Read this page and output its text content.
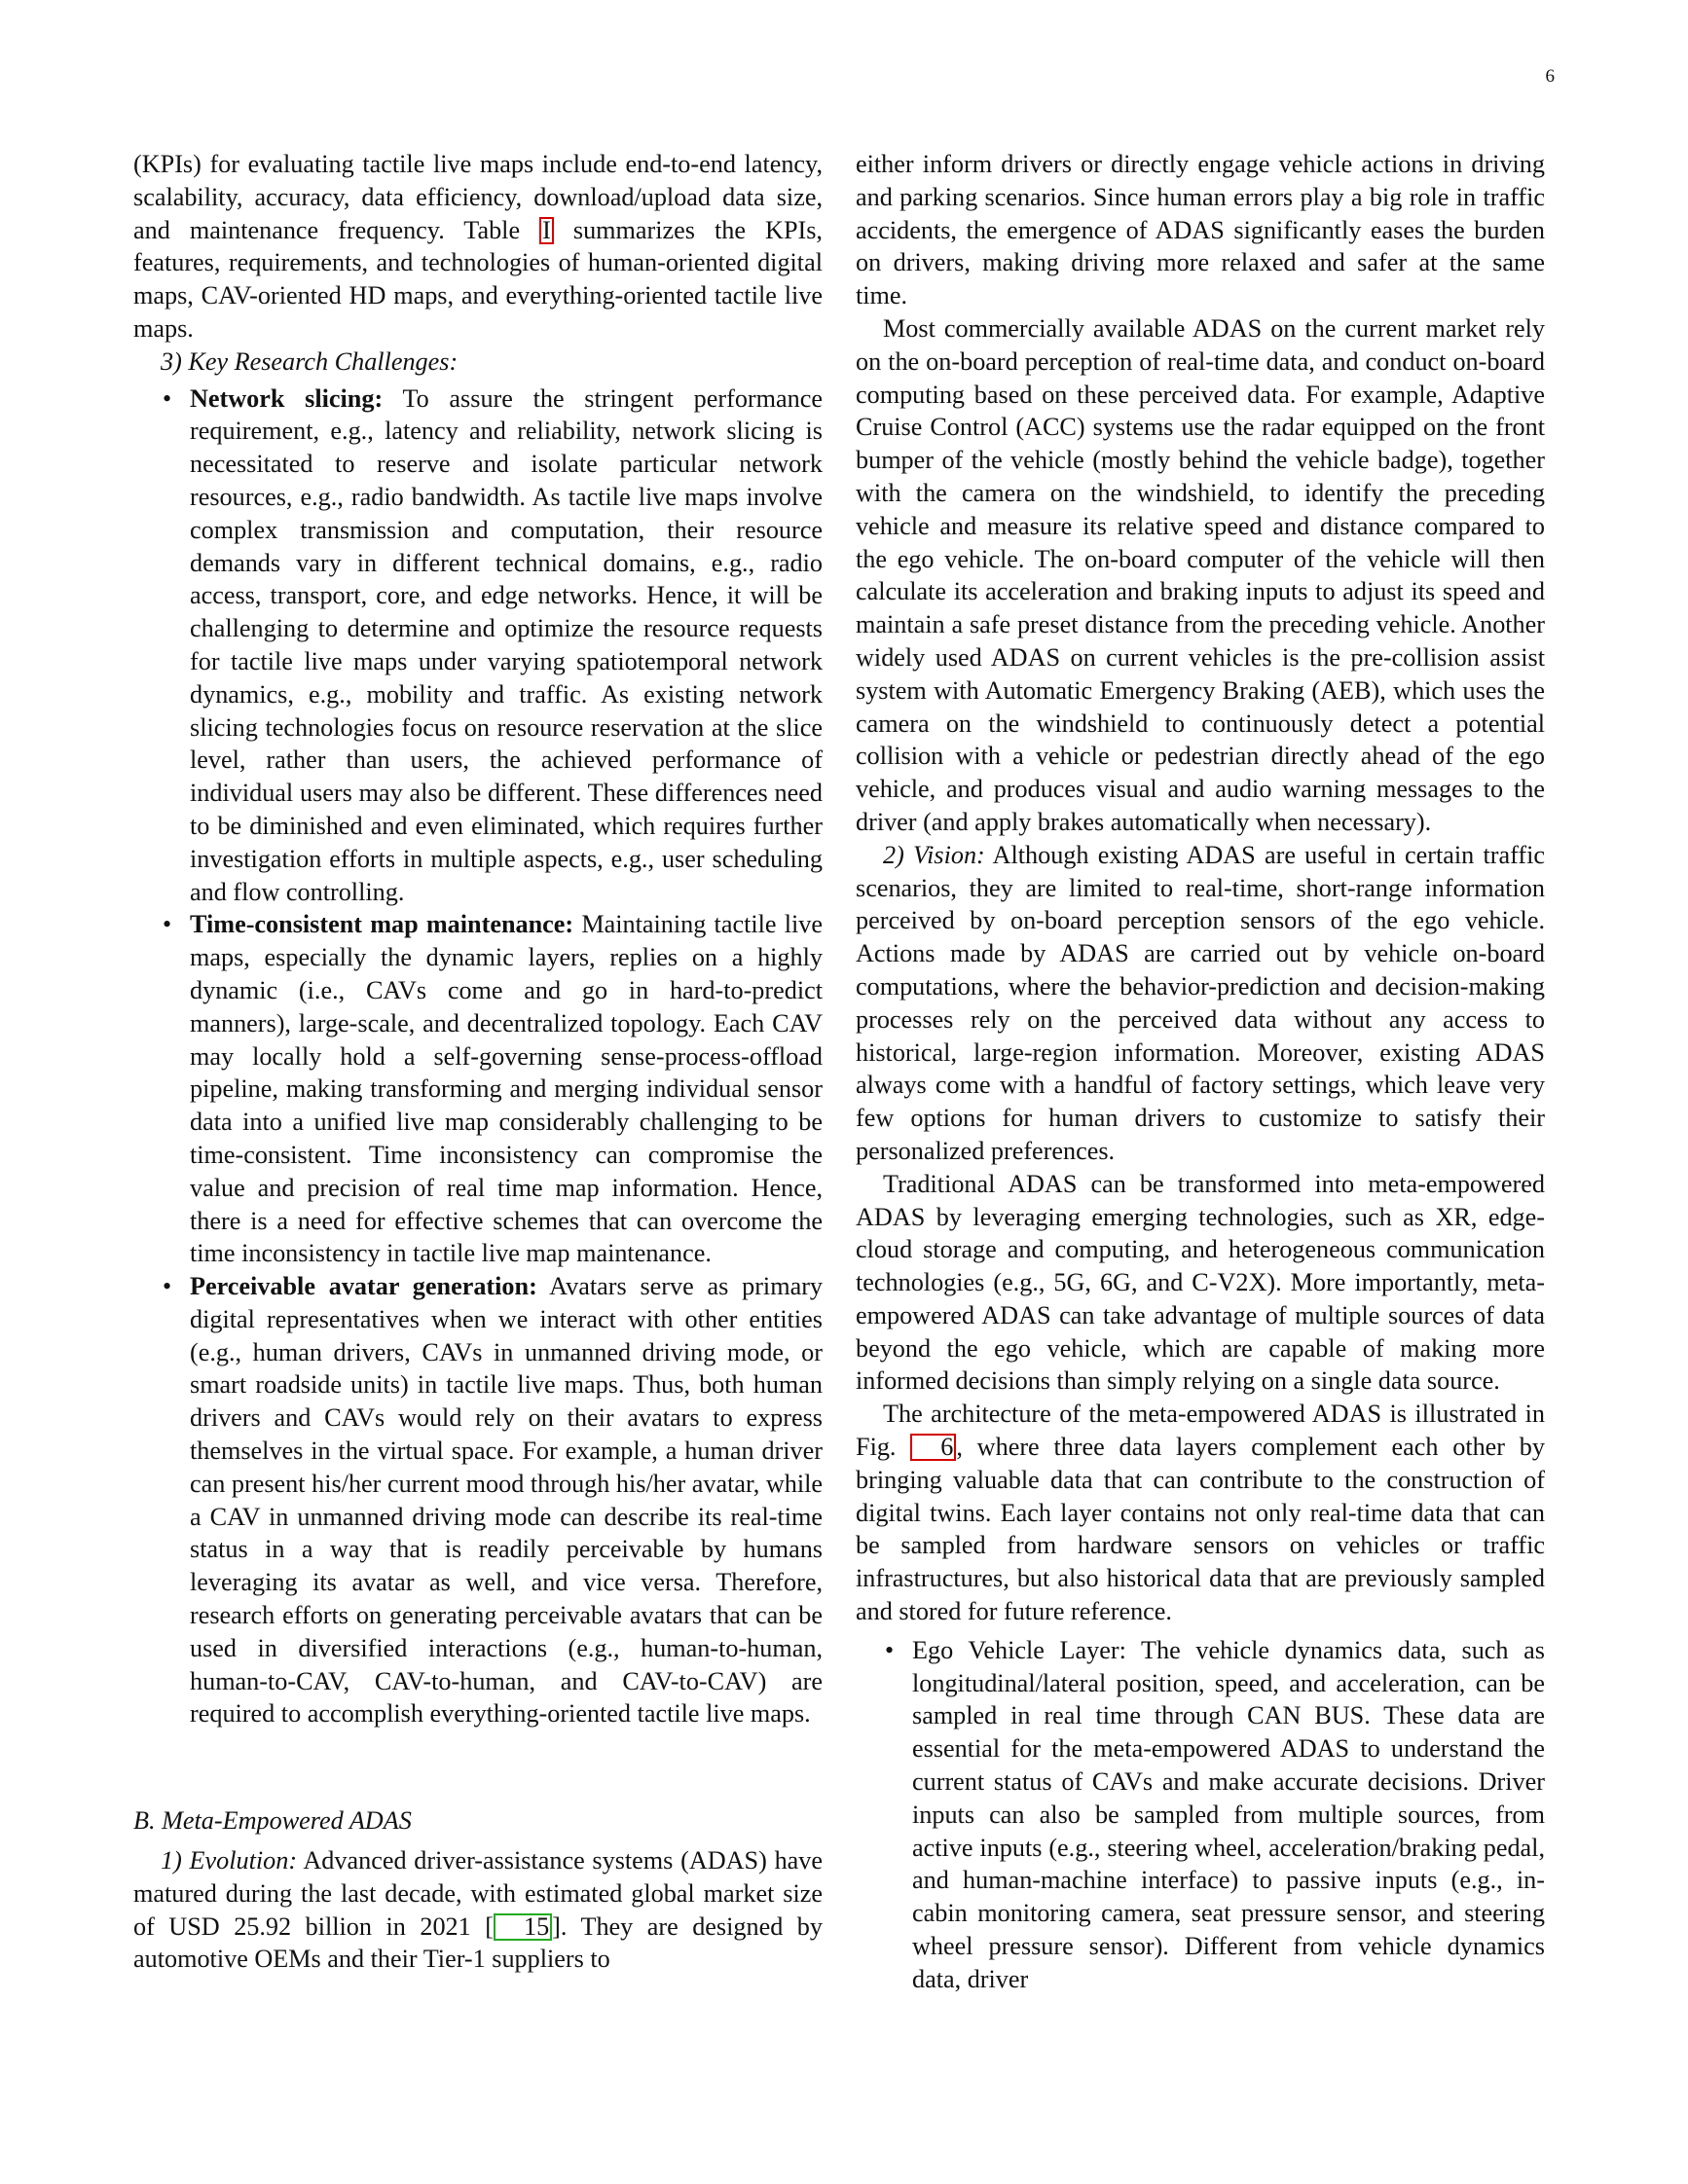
6

(KPIs) for evaluating tactile live maps include end-to-end latency, scalability, accuracy, data efficiency, download/upload data size, and maintenance frequency. Table I summarizes the KPIs, features, requirements, and technologies of human-oriented digital maps, CAV-oriented HD maps, and everything-oriented tactile live maps.

3) Key Research Challenges:

• Network slicing: To assure the stringent performance requirement, e.g., latency and reliability, network slicing is necessitated to reserve and isolate particular network resources, e.g., radio bandwidth. As tactile live maps involve complex transmission and computation, their resource demands vary in different technical domains, e.g., radio access, transport, core, and edge networks. Hence, it will be challenging to determine and optimize the resource requests for tactile live maps under varying spatiotemporal network dynamics, e.g., mobility and traffic. As existing network slicing technologies focus on resource reservation at the slice level, rather than users, the achieved performance of individual users may also be different. These differences need to be diminished and even eliminated, which requires further investigation efforts in multiple aspects, e.g., user scheduling and flow controlling.
• Time-consistent map maintenance: Maintaining tactile live maps, especially the dynamic layers, replies on a highly dynamic (i.e., CAVs come and go in hard-to-predict manners), large-scale, and decentralized topology. Each CAV may locally hold a self-governing sense-process-offload pipeline, making transforming and merging individual sensor data into a unified live map considerably challenging to be time-consistent. Time inconsistency can compromise the value and precision of real time map information. Hence, there is a need for effective schemes that can overcome the time inconsistency in tactile live map maintenance.
• Perceivable avatar generation: Avatars serve as primary digital representatives when we interact with other entities (e.g., human drivers, CAVs in unmanned driving mode, or smart roadside units) in tactile live maps. Thus, both human drivers and CAVs would rely on their avatars to express themselves in the virtual space. For example, a human driver can present his/her current mood through his/her avatar, while a CAV in unmanned driving mode can describe its real-time status in a way that is readily perceivable by humans leveraging its avatar as well, and vice versa. Therefore, research efforts on generating perceivable avatars that can be used in diversified interactions (e.g., human-to-human, human-to-CAV, CAV-to-human, and CAV-to-CAV) are required to accomplish everything-oriented tactile live maps.

B. Meta-Empowered ADAS

1) Evolution: Advanced driver-assistance systems (ADAS) have matured during the last decade, with estimated global market size of USD 25.92 billion in 2021 [ 15 ]. They are designed by automotive OEMs and their Tier-1 suppliers to

either inform drivers or directly engage vehicle actions in driving and parking scenarios. Since human errors play a big role in traffic accidents, the emergence of ADAS significantly eases the burden on drivers, making driving more relaxed and safer at the same time.

Most commercially available ADAS on the current market rely on the on-board perception of real-time data, and conduct on-board computing based on these perceived data. For example, Adaptive Cruise Control (ACC) systems use the radar equipped on the front bumper of the vehicle (mostly behind the vehicle badge), together with the camera on the windshield, to identify the preceding vehicle and measure its relative speed and distance compared to the ego vehicle. The on-board computer of the vehicle will then calculate its acceleration and braking inputs to adjust its speed and maintain a safe preset distance from the preceding vehicle. Another widely used ADAS on current vehicles is the pre-collision assist system with Automatic Emergency Braking (AEB), which uses the camera on the windshield to continuously detect a potential collision with a vehicle or pedestrian directly ahead of the ego vehicle, and produces visual and audio warning messages to the driver (and apply brakes automatically when necessary).

2) Vision: Although existing ADAS are useful in certain traffic scenarios, they are limited to real-time, short-range information perceived by on-board perception sensors of the ego vehicle. Actions made by ADAS are carried out by vehicle on-board computations, where the behavior-prediction and decision-making processes rely on the perceived data without any access to historical, large-region information. Moreover, existing ADAS always come with a handful of factory settings, which leave very few options for human drivers to customize to satisfy their personalized preferences.

Traditional ADAS can be transformed into meta-empowered ADAS by leveraging emerging technologies, such as XR, edge-cloud storage and computing, and heterogeneous communication technologies (e.g., 5G, 6G, and C-V2X). More importantly, meta-empowered ADAS can take advantage of multiple sources of data beyond the ego vehicle, which are capable of making more informed decisions than simply relying on a single data source.

The architecture of the meta-empowered ADAS is illustrated in Fig. 6 , where three data layers complement each other by bringing valuable data that can contribute to the construction of digital twins. Each layer contains not only real-time data that can be sampled from hardware sensors on vehicles or traffic infrastructures, but also historical data that are previously sampled and stored for future reference.

• Ego Vehicle Layer: The vehicle dynamics data, such as longitudinal/lateral position, speed, and acceleration, can be sampled in real time through CAN BUS. These data are essential for the meta-empowered ADAS to understand the current status of CAVs and make accurate decisions. Driver inputs can also be sampled from multiple sources, from active inputs (e.g., steering wheel, acceleration/braking pedal, and human-machine interface) to passive inputs (e.g., in-cabin monitoring camera, seat pressure sensor, and steering wheel pressure sensor). Different from vehicle dynamics data, driver
